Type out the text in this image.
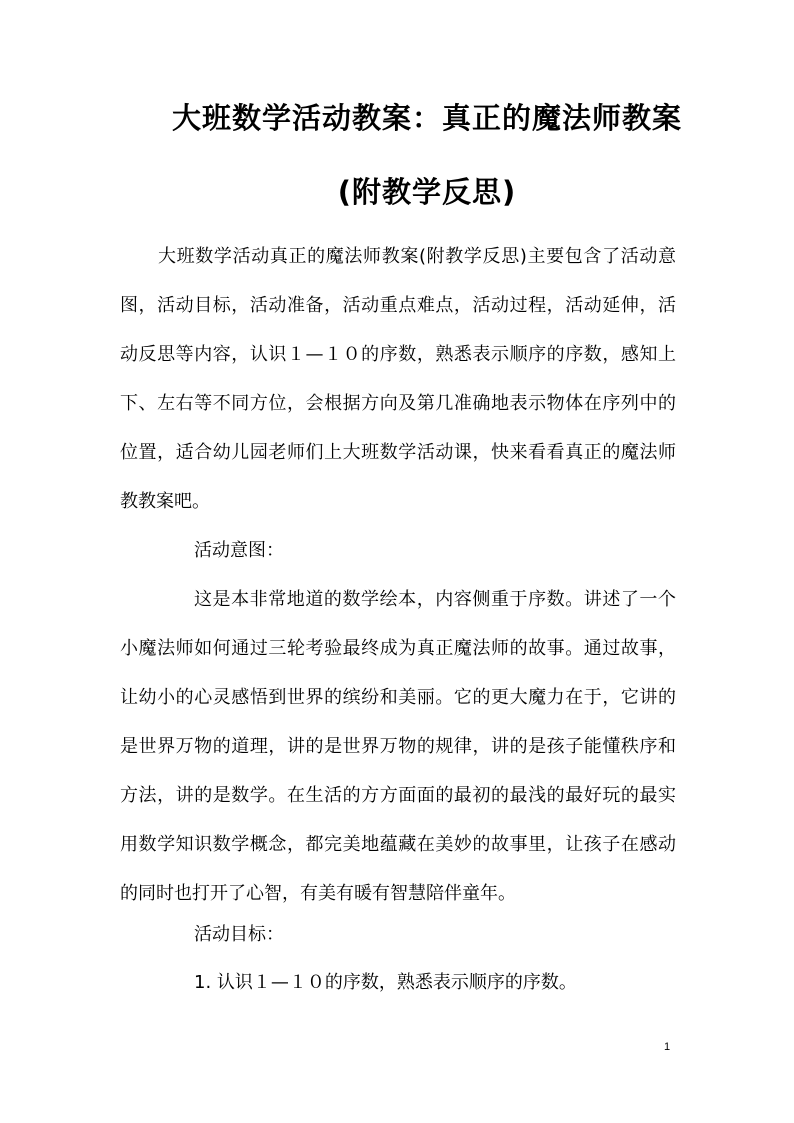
大班数学活动教案：真正的魔法师教案
(附教学反思)
大班数学活动真正的魔法师教案(附教学反思)主要包含了活动意图，活动目标，活动准备，活动重点难点，活动过程，活动延伸，活动反思等内容，认识１—１０的序数，熟悉表示顺序的序数，感知上下、左右等不同方位，会根据方向及第几准确地表示物体在序列中的位置，适合幼儿园老师们上大班数学活动课，快来看看真正的魔法师教教案吧。
活动意图：
这是本非常地道的数学绘本，内容侧重于序数。讲述了一个小魔法师如何通过三轮考验最终成为真正魔法师的故事。通过故事，让幼小的心灵感悟到世界的缤纷和美丽。它的更大魔力在于，它讲的是世界万物的道理，讲的是世界万物的规律，讲的是孩子能懂秩序和方法，讲的是数学。在生活的方方面面的最初的最浅的最好玩的最实用数学知识数学概念，都完美地蕴藏在美妙的故事里，让孩子在感动的同时也打开了心智，有美有暖有智慧陪伴童年。
活动目标：
1. 认识１—１０的序数，熟悉表示顺序的序数。
1
